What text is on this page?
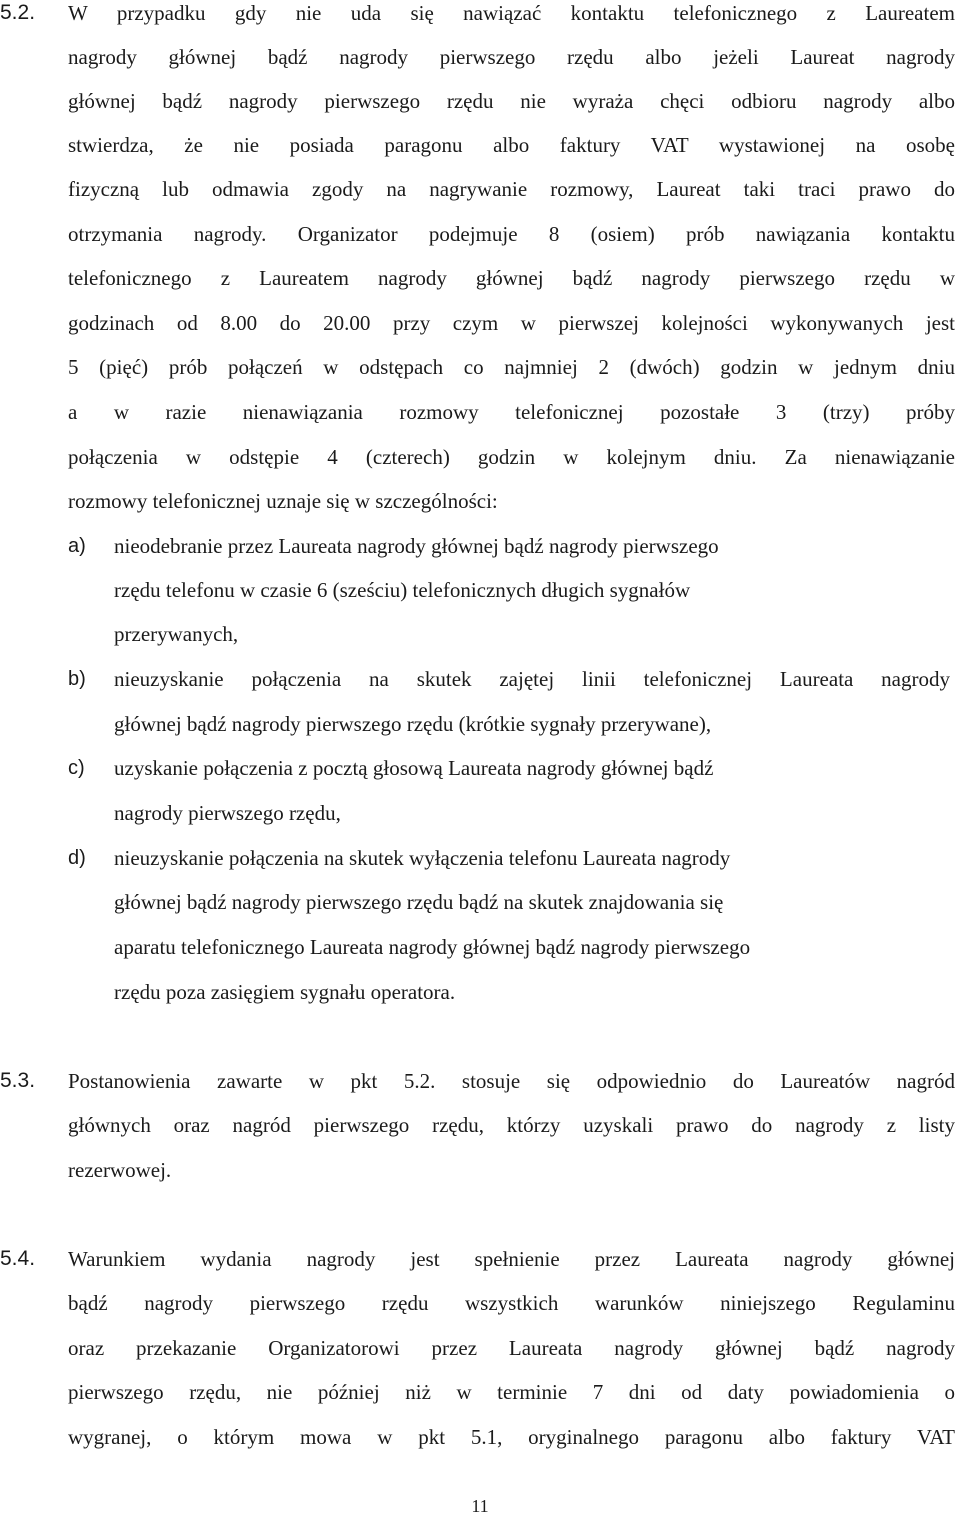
5.2. W przypadku gdy nie uda się nawiązać kontaktu telefonicznego z Laureatem
nagrody głównej bądź nagrody pierwszego rzędu albo jeżeli Laureat nagrody
głównej bądź nagrody pierwszego rzędu nie wyraża chęci odbioru nagrody albo
stwierdza, że nie posiada paragonu albo faktury VAT wystawionej na osobę
fizyczną lub odmawia zgody na nagrywanie rozmowy, Laureat taki traci prawo do
otrzymania nagrody. Organizator podejmuje 8 (osiem) prób nawiązania kontaktu
telefonicznego z Laureatem nagrody głównej bądź nagrody pierwszego rzędu w
godzinach od 8.00 do 20.00 przy czym w pierwszej kolejności wykonywanych jest
5 (pięć) prób połączeń w odstępach co najmniej 2 (dwóch) godzin w jednym dniu
a w razie nienawiązania rozmowy telefonicznej pozostałe 3 (trzy) próby
połączenia w odstępie 4 (czterech) godzin w kolejnym dniu. Za nienawiązanie
rozmowy telefonicznej uznaje się w szczególności:
a) nieodebranie przez Laureata nagrody głównej bądź nagrody pierwszego
rzędu telefonu w czasie 6 (sześciu) telefonicznych długich sygnałów
przerywanych,
b) nieuzyskanie połączenia na skutek zajętej linii telefonicznej Laureata nagrody
głównej bądź nagrody pierwszego rzędu (krótkie sygnały przerywane),
c) uzyskanie połączenia z pocztą głosową Laureata nagrody głównej bądź
nagrody pierwszego rzędu,
d) nieuzyskanie połączenia na skutek wyłączenia telefonu Laureata nagrody
głównej bądź nagrody pierwszego rzędu bądź na skutek znajdowania się
aparatu telefonicznego Laureata nagrody głównej bądź nagrody pierwszego
rzędu poza zasięgiem sygnału operatora.
5.3. Postanowienia zawarte w pkt 5.2. stosuje się odpowiednio do Laureatów nagród
głównych oraz nagród pierwszego rzędu, którzy uzyskali prawo do nagrody z listy
rezerwowej.
5.4. Warunkiem wydania nagrody jest spełnienie przez Laureata nagrody głównej
bądź nagrody pierwszego rzędu wszystkich warunków niniejszego Regulaminu
oraz przekazanie Organizatorowi przez Laureata nagrody głównej bądź nagrody
pierwszego rzędu, nie później niż w terminie 7 dni od daty powiadomienia o
wygranej, o którym mowa w pkt 5.1, oryginalnego paragonu albo faktury VAT
11
